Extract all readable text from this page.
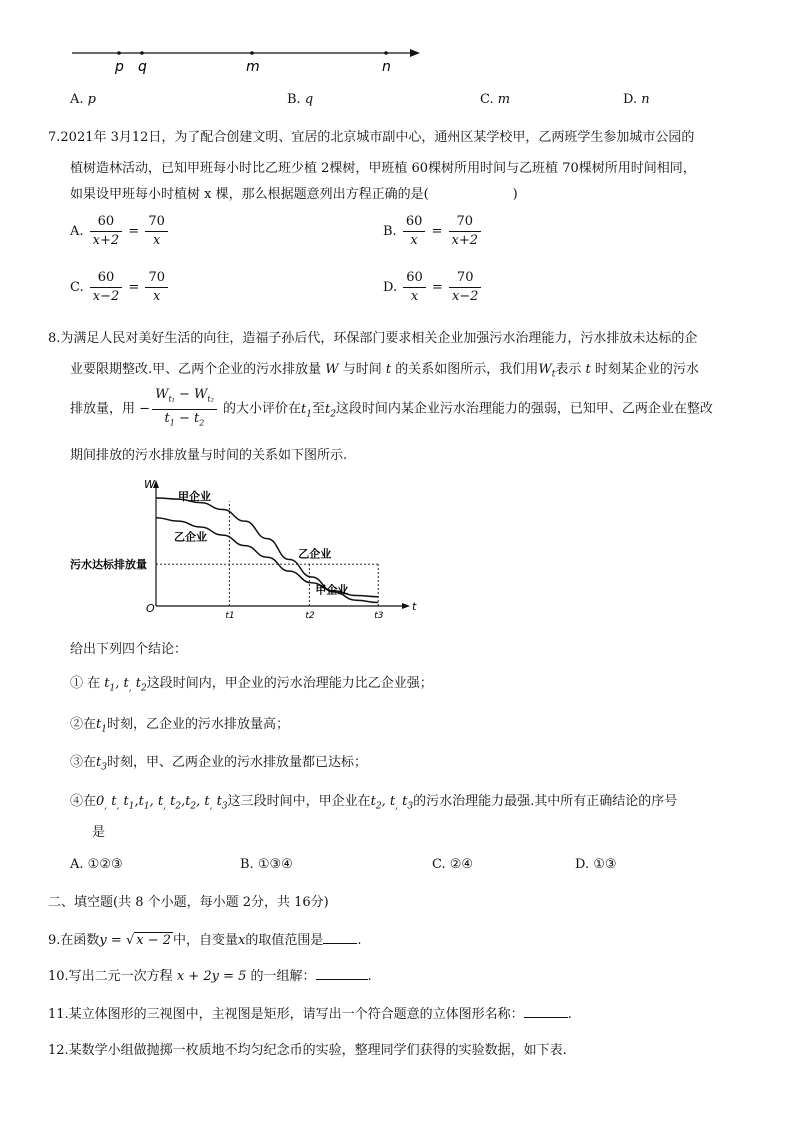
p q	m	n
A. p	B. q	C. m	D. n
7.2021年 3月12日，为了配合创建文明、宜居的北京城市副中心，通州区某学校甲，乙两班学生参加城市公园的
植树造林活动，已知甲班每小时比乙班少植 2棵树，甲班植 60棵树所用时间与乙班植 70棵树所用时间相同，
如果设甲班每小时植树 x 棵，那么根据题意列出方程正确的是(	)
A. $\frac{60}{x+2} = \frac{70}{x}$	B. $\frac{60}{x} = \frac{70}{x+2}$
C. $\frac{60}{x-2} = \frac{70}{x}$	D. $\frac{60}{x} = \frac{70}{x-2}$
8.为满足人民对美好生活的向往，造福子孙后代，环保部门要求相关企业加强污水治理能力，污水排放未达标的企
业要限期整改.甲、乙两个企业的污水排放量 W 与时间 t 的关系如图所示，我们用$W_t$表示 t 时刻某企业的污水
排放量，用 − $\frac{W_{t_1} - W_{t_2}}{t_1 - t_2}$ 的大小评价在$t_1$至$t_2$这段时间内某企业污水治理能力的强弱，已知甲、乙两企业在整改
期间排放的污水排放量与时间的关系如下图所示.
W
t
O
污水达标排放量
t1	t2	t3
甲企业
乙企业
乙企业
甲企业
给出下列四个结论：
① 在 $t_1$, $t_,$ $t_2$这段时间内，甲企业的污水治理能力比乙企业强；
②在$t_1$时刻，乙企业的污水排放量高；
③在$t_3$时刻，甲、乙两企业的污水排放量都已达标；
④在$0_,$ $t_,$ $t_1,t_1$, $t_,$ $t_2,t_2$, $t_,$ $t_3$这三段时间中，甲企业在$t_2$, $t_,$ $t_3$的污水治理能力最强.其中所有正确结论的序号
是
A. ①②③	B. ①③④	C. ②④	D. ①③
二、填空题(共 8 个小题，每小题 2分，共 16分)
9.在函数y = √ x − 2 中，自变量x的取值范围是	.
10.写出二元一次方程 x + 2y = 5 的一组解：	.
11.某立体图形的三视图中，主视图是矩形，请写出一个符合题意的立体图形名称：	.
12.某数学小组做抛掷一枚质地不均匀纪念币的实验，整理同学们获得的实验数据，如下表.
